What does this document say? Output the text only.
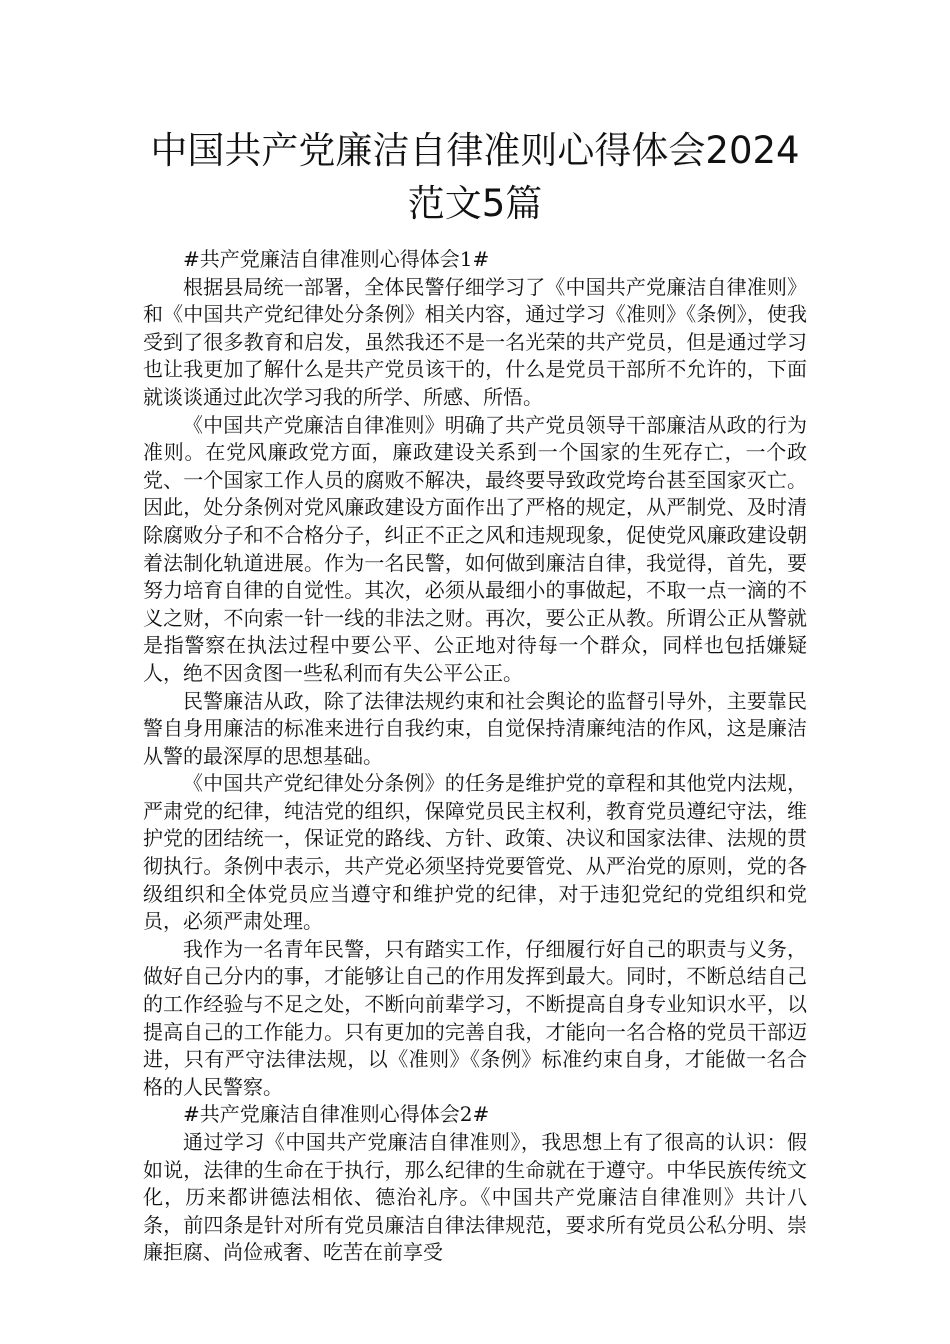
中国共产党廉洁自律准则心得体会2024
范文5篇

#共产党廉洁自律准则心得体会1#

根据县局统一部署，全体民警仔细学习了《中国共产党廉洁自律准则》和《中国共产党纪律处分条例》相关内容，通过学习《准则》《条例》，使我受到了很多教育和启发，虽然我还不是一名光荣的共产党员，但是通过学习也让我更加了解什么是共产党员该干的，什么是党员干部所不允许的，下面就谈谈通过此次学习我的所学、所感、所悟。

《中国共产党廉洁自律准则》明确了共产党员领导干部廉洁从政的行为准则。在党风廉政党方面，廉政建设关系到一个国家的生死存亡，一个政党、一个国家工作人员的腐败不解决，最终要导致政党垮台甚至国家灭亡。因此，处分条例对党风廉政建设方面作出了严格的规定，从严制党、及时清除腐败分子和不合格分子，纠正不正之风和违规现象，促使党风廉政建设朝着法制化轨道进展。作为一名民警，如何做到廉洁自律，我觉得，首先，要努力培育自律的自觉性。其次，必须从最细小的事做起，不取一点一滴的不义之财，不向索一针一线的非法之财。再次，要公正从教。所谓公正从警就是指警察在执法过程中要公平、公正地对待每一个群众，同样也包括嫌疑人，绝不因贪图一些私利而有失公平公正。

民警廉洁从政，除了法律法规约束和社会舆论的监督引导外，主要靠民警自身用廉洁的标准来进行自我约束，自觉保持清廉纯洁的作风，这是廉洁从警的最深厚的思想基础。

《中国共产党纪律处分条例》的任务是维护党的章程和其他党内法规，严肃党的纪律，纯洁党的组织，保障党员民主权利，教育党员遵纪守法，维护党的团结统一，保证党的路线、方针、政策、决议和国家法律、法规的贯彻执行。条例中表示，共产党必须坚持党要管党、从严治党的原则，党的各级组织和全体党员应当遵守和维护党的纪律，对于违犯党纪的党组织和党员，必须严肃处理。

我作为一名青年民警，只有踏实工作，仔细履行好自己的职责与义务，做好自己分内的事，才能够让自己的作用发挥到最大。同时，不断总结自己的工作经验与不足之处，不断向前辈学习，不断提高自身专业知识水平，以提高自己的工作能力。只有更加的完善自我，才能向一名合格的党员干部迈进，只有严守法律法规，以《准则》《条例》标准约束自身，才能做一名合格的人民警察。

#共产党廉洁自律准则心得体会2#

通过学习《中国共产党廉洁自律准则》，我思想上有了很高的认识：假如说，法律的生命在于执行，那么纪律的生命就在于遵守。中华民族传统文化，历来都讲德法相依、德治礼序。《中国共产党廉洁自律准则》共计八条，前四条是针对所有党员廉洁自律法律规范，要求所有党员公私分明、崇廉拒腐、尚俭戒奢、吃苦在前享受
